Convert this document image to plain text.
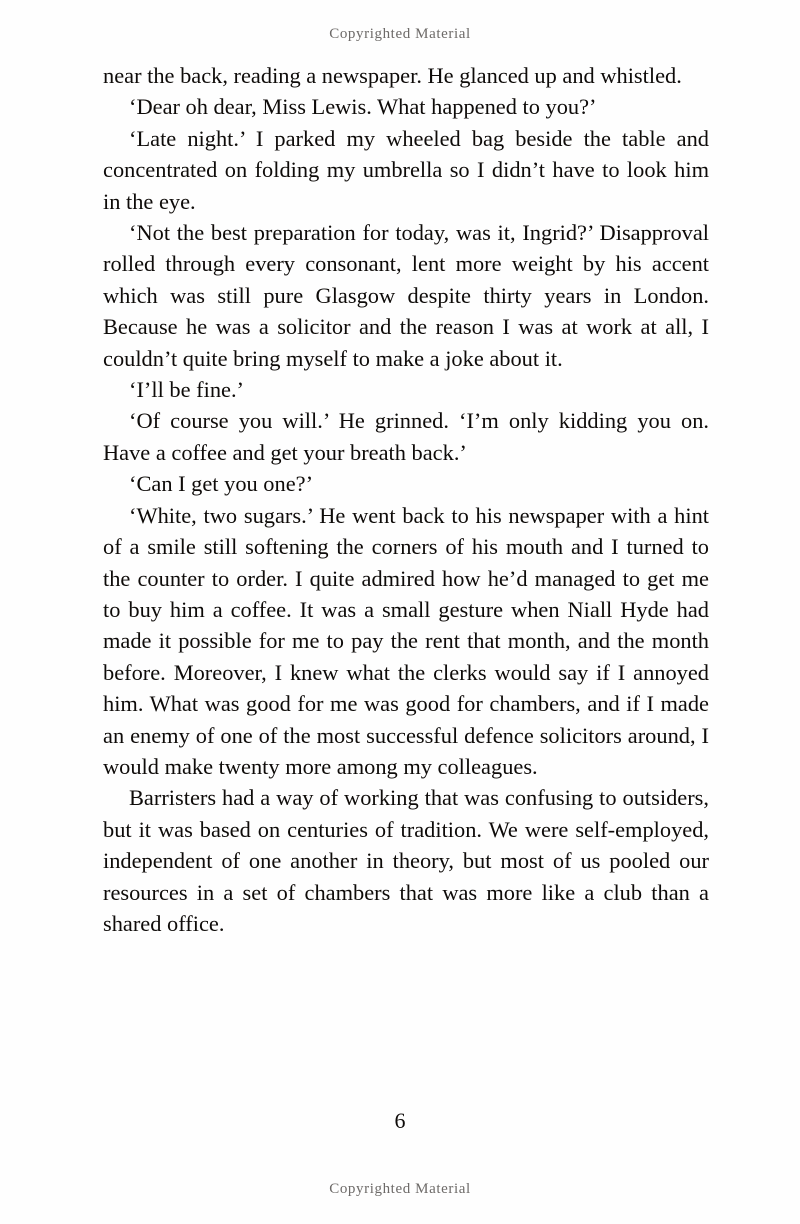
Copyrighted Material

near the back, reading a newspaper. He glanced up and whistled.

‘Dear oh dear, Miss Lewis. What happened to you?’

‘Late night.’ I parked my wheeled bag beside the table and concentrated on folding my umbrella so I didn’t have to look him in the eye.

‘Not the best preparation for today, was it, Ingrid?’ Disapproval rolled through every consonant, lent more weight by his accent which was still pure Glasgow despite thirty years in London. Because he was a solicitor and the reason I was at work at all, I couldn’t quite bring myself to make a joke about it.

‘I’ll be fine.’

‘Of course you will.’ He grinned. ‘I’m only kidding you on. Have a coffee and get your breath back.’

‘Can I get you one?’

‘White, two sugars.’ He went back to his newspaper with a hint of a smile still softening the corners of his mouth and I turned to the counter to order. I quite admired how he’d managed to get me to buy him a coffee. It was a small gesture when Niall Hyde had made it possible for me to pay the rent that month, and the month before. Moreover, I knew what the clerks would say if I annoyed him. What was good for me was good for chambers, and if I made an enemy of one of the most successful defence solicitors around, I would make twenty more among my colleagues.

Barristers had a way of working that was confusing to outsiders, but it was based on centuries of tradition. We were self-employed, independent of one another in theory, but most of us pooled our resources in a set of chambers that was more like a club than a shared office.

6
Copyrighted Material
